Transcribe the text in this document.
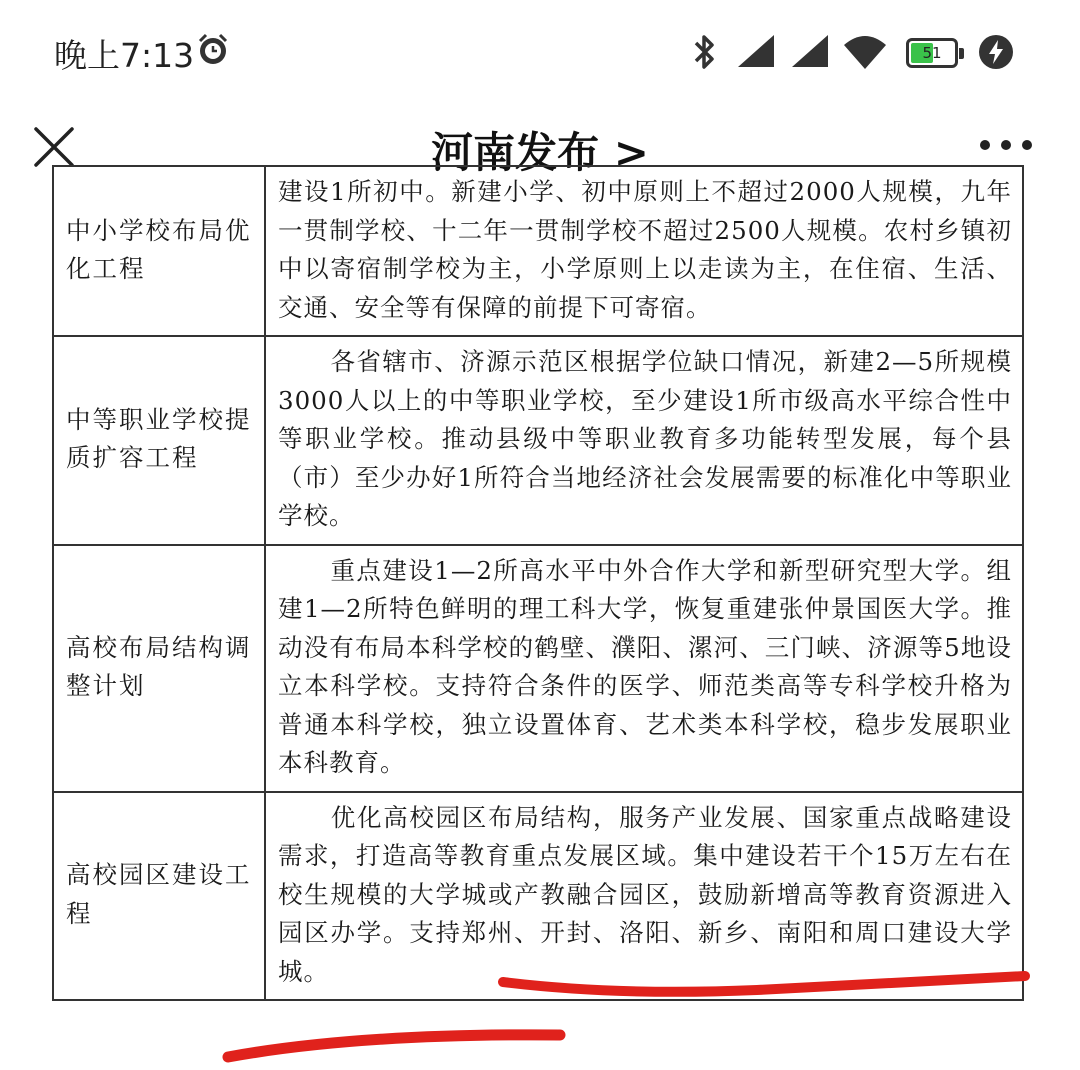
晚上7:13	51
河南发布 >
中小学校布局优化工程	建设1所初中。新建小学、初中原则上不超过2000人规模，九年一贯制学校、十二年一贯制学校不超过2500人规模。农村乡镇初中以寄宿制学校为主，小学原则上以走读为主，在住宿、生活、交通、安全等有保障的前提下可寄宿。
中等职业学校提质扩容工程	各省辖市、济源示范区根据学位缺口情况，新建2—5所规模3000人以上的中等职业学校，至少建设1所市级高水平综合性中等职业学校。推动县级中等职业教育多功能转型发展，每个县（市）至少办好1所符合当地经济社会发展需要的标准化中等职业学校。
高校布局结构调整计划	重点建设1—2所高水平中外合作大学和新型研究型大学。组建1—2所特色鲜明的理工科大学，恢复重建张仲景国医大学。推动没有布局本科学校的鹤壁、濮阳、漯河、三门峡、济源等5地设立本科学校。支持符合条件的医学、师范类高等专科学校升格为普通本科学校，独立设置体育、艺术类本科学校，稳步发展职业本科教育。
高校园区建设工程	优化高校园区布局结构，服务产业发展、国家重点战略建设需求，打造高等教育重点发展区域。集中建设若干个15万左右在校生规模的大学城或产教融合园区，鼓励新增高等教育资源进入园区办学。支持郑州、开封、洛阳、新乡、南阳和周口建设大学城。
